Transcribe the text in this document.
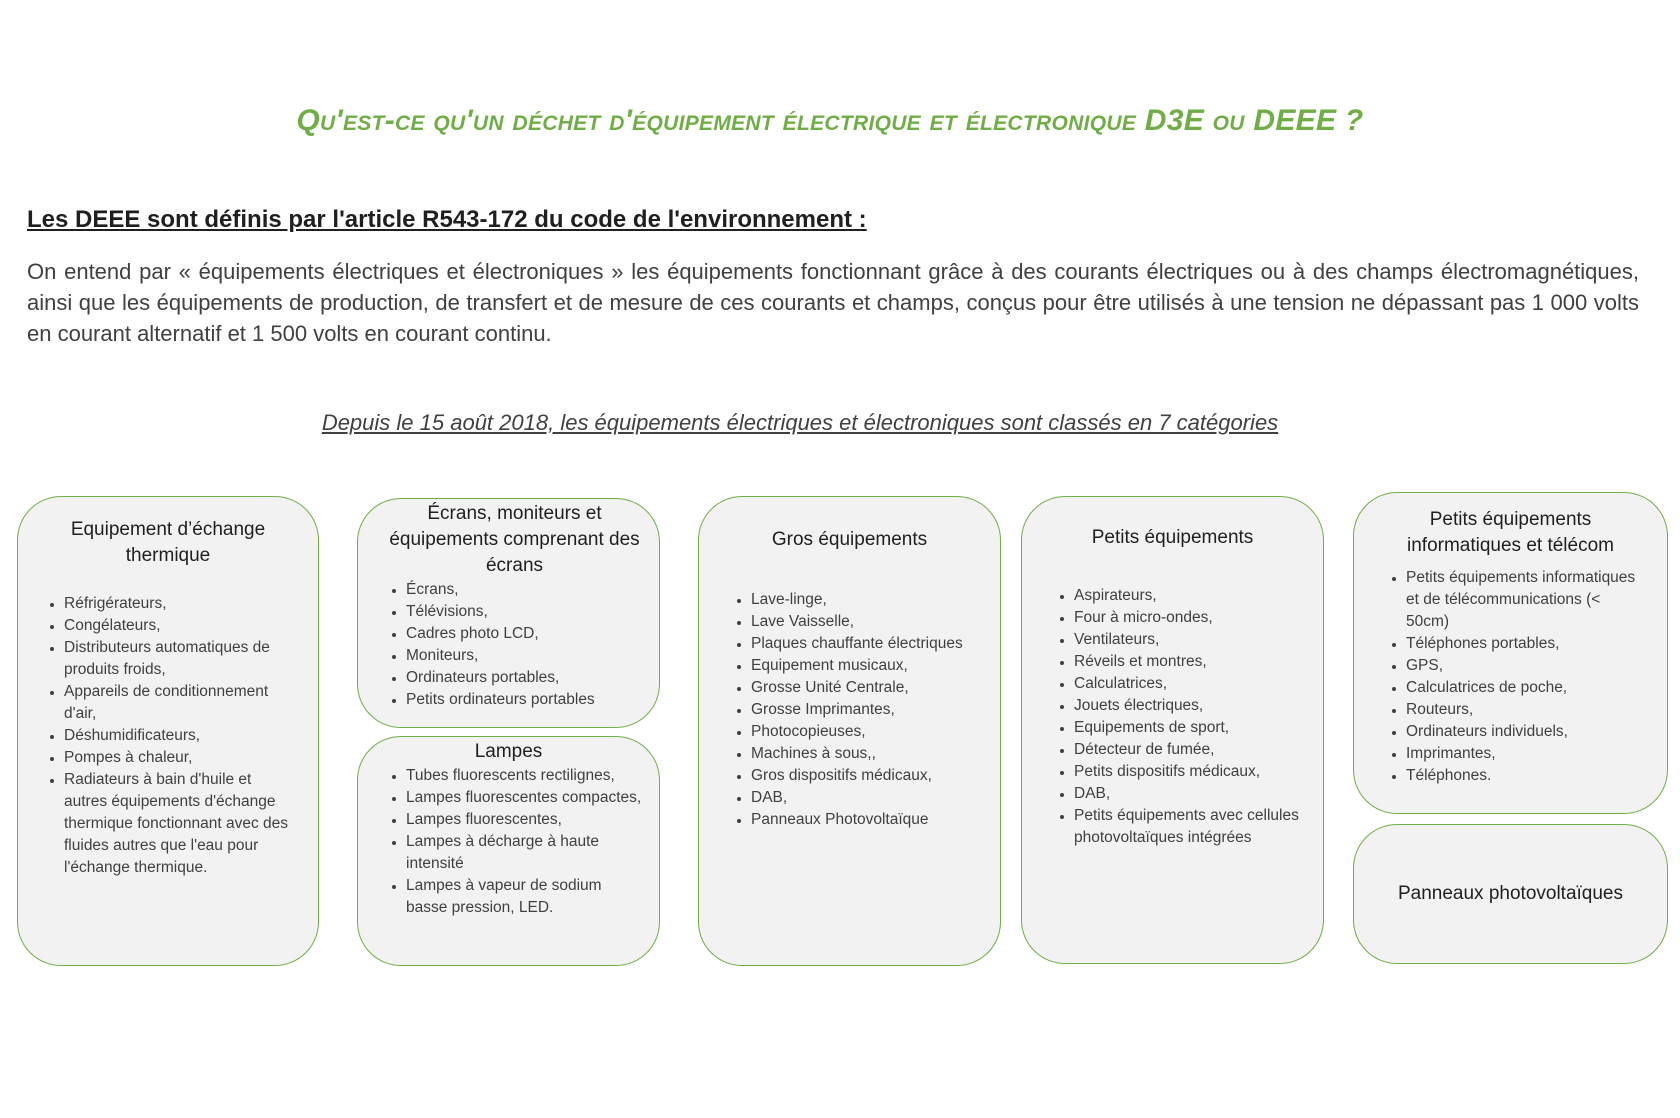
Qu'est-ce qu'un déchet d'équipement électrique et électronique D3E ou DEEE ?
Les DEEE sont définis par l'article R543-172 du code de l'environnement :
On entend par « équipements électriques et électroniques » les équipements fonctionnant grâce à des courants électriques ou à des champs électromagnétiques, ainsi que les équipements de production, de transfert et de mesure de ces courants et champs, conçus pour être utilisés à une tension ne dépassant pas 1 000 volts en courant alternatif et 1 500 volts en courant continu.
Depuis le 15 août 2018, les équipements électriques et électroniques sont classés en 7 catégories
Equipement d’échange thermique
• Réfrigérateurs,
• Congélateurs,
• Distributeurs automatiques de produits froids,
• Appareils de conditionnement d'air,
• Déshumidificateurs,
• Pompes à chaleur,
• Radiateurs à bain d'huile et autres équipements d'échange thermique fonctionnant avec des fluides autres que l'eau pour l'échange thermique.
Écrans, moniteurs et équipements comprenant des écrans
• Écrans,
• Télévisions,
• Cadres photo LCD,
• Moniteurs,
• Ordinateurs portables,
• Petits ordinateurs portables
Lampes
• Tubes fluorescents rectilignes,
• Lampes fluorescentes compactes,
• Lampes fluorescentes,
• Lampes à décharge à haute intensité
• Lampes à vapeur de sodium basse pression, LED.
Gros équipements
• Lave-linge,
• Lave Vaisselle,
• Plaques chauffante électriques
• Equipement musicaux,
• Grosse Unité Centrale,
• Grosse Imprimantes,
• Photocopieuses,
• Machines à sous,,
• Gros dispositifs médicaux,
• DAB,
• Panneaux Photovoltaïque
Petits équipements
• Aspirateurs,
• Four à micro-ondes,
• Ventilateurs,
• Réveils et montres,
• Calculatrices,
• Jouets électriques,
• Equipements de sport,
• Détecteur de fumée,
• Petits dispositifs médicaux,
• DAB,
• Petits équipements avec cellules photovoltaïques intégrées
Petits équipements informatiques et télécom
• Petits équipements informatiques et de télécommunications (< 50cm)
• Téléphones portables,
• GPS,
• Calculatrices de poche,
• Routeurs,
• Ordinateurs individuels,
• Imprimantes,
• Téléphones.
Panneaux photovoltaïques
